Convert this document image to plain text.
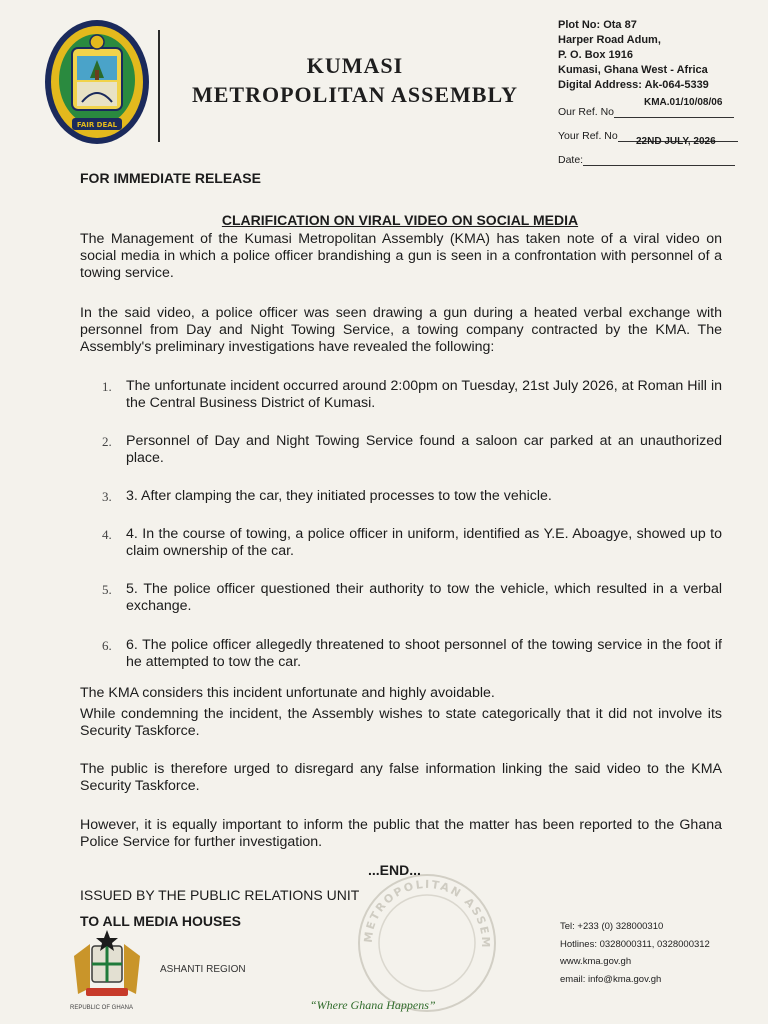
FAIR DEAL
KUMASI
METROPOLITAN ASSEMBLY
Plot No: Ota 87
Harper Road Adum,
P. O. Box 1916
Kumasi, Ghana West - Africa
Digital Address: Ak-064-5339
Our Ref. No
KMA.01/10/08/06
Your Ref. No 22ND JULY, 2026
Date:
FOR IMMEDIATE RELEASE
CLARIFICATION ON VIRAL VIDEO ON SOCIAL MEDIA
The Management of the Kumasi Metropolitan Assembly (KMA) has taken note of a viral video on social media in which a police officer brandishing a gun is seen in a confrontation with personnel of a towing service.
In the said video, a police officer was seen drawing a gun during a heated verbal exchange with personnel from Day and Night Towing Service, a towing company contracted by the KMA. The Assembly's preliminary investigations have revealed the following:
1. The unfortunate incident occurred around 2:00pm on Tuesday, 21st July 2026, at Roman Hill in the Central Business District of Kumasi.
2. Personnel of Day and Night Towing Service found a saloon car parked at an unauthorized place.
3. 3. After clamping the car, they initiated processes to tow the vehicle.
4. 4. In the course of towing, a police officer in uniform, identified as Y.E. Aboagye, showed up to claim ownership of the car.
5. 5. The police officer questioned their authority to tow the vehicle, which resulted in a verbal exchange.
6. 6. The police officer allegedly threatened to shoot personnel of the towing service in the foot if he attempted to tow the car.
The KMA considers this incident unfortunate and highly avoidable.
While condemning the incident, the Assembly wishes to state categorically that it did not involve its Security Taskforce.
The public is therefore urged to disregard any false information linking the said video to the KMA Security Taskforce.
However, it is equally important to inform the public that the matter has been reported to the Ghana Police Service for further investigation.
METROPOLITAN ASSEM
...END...
ISSUED BY THE PUBLIC RELATIONS UNIT
TO ALL MEDIA HOUSES
ASHANTI REGION
REPUBLIC OF GHANA	“Where Ghana Happens”
Tel: +233 (0) 328000310
Hotlines: 0328000311, 0328000312
www.kma.gov.gh
email: info@kma.gov.gh
